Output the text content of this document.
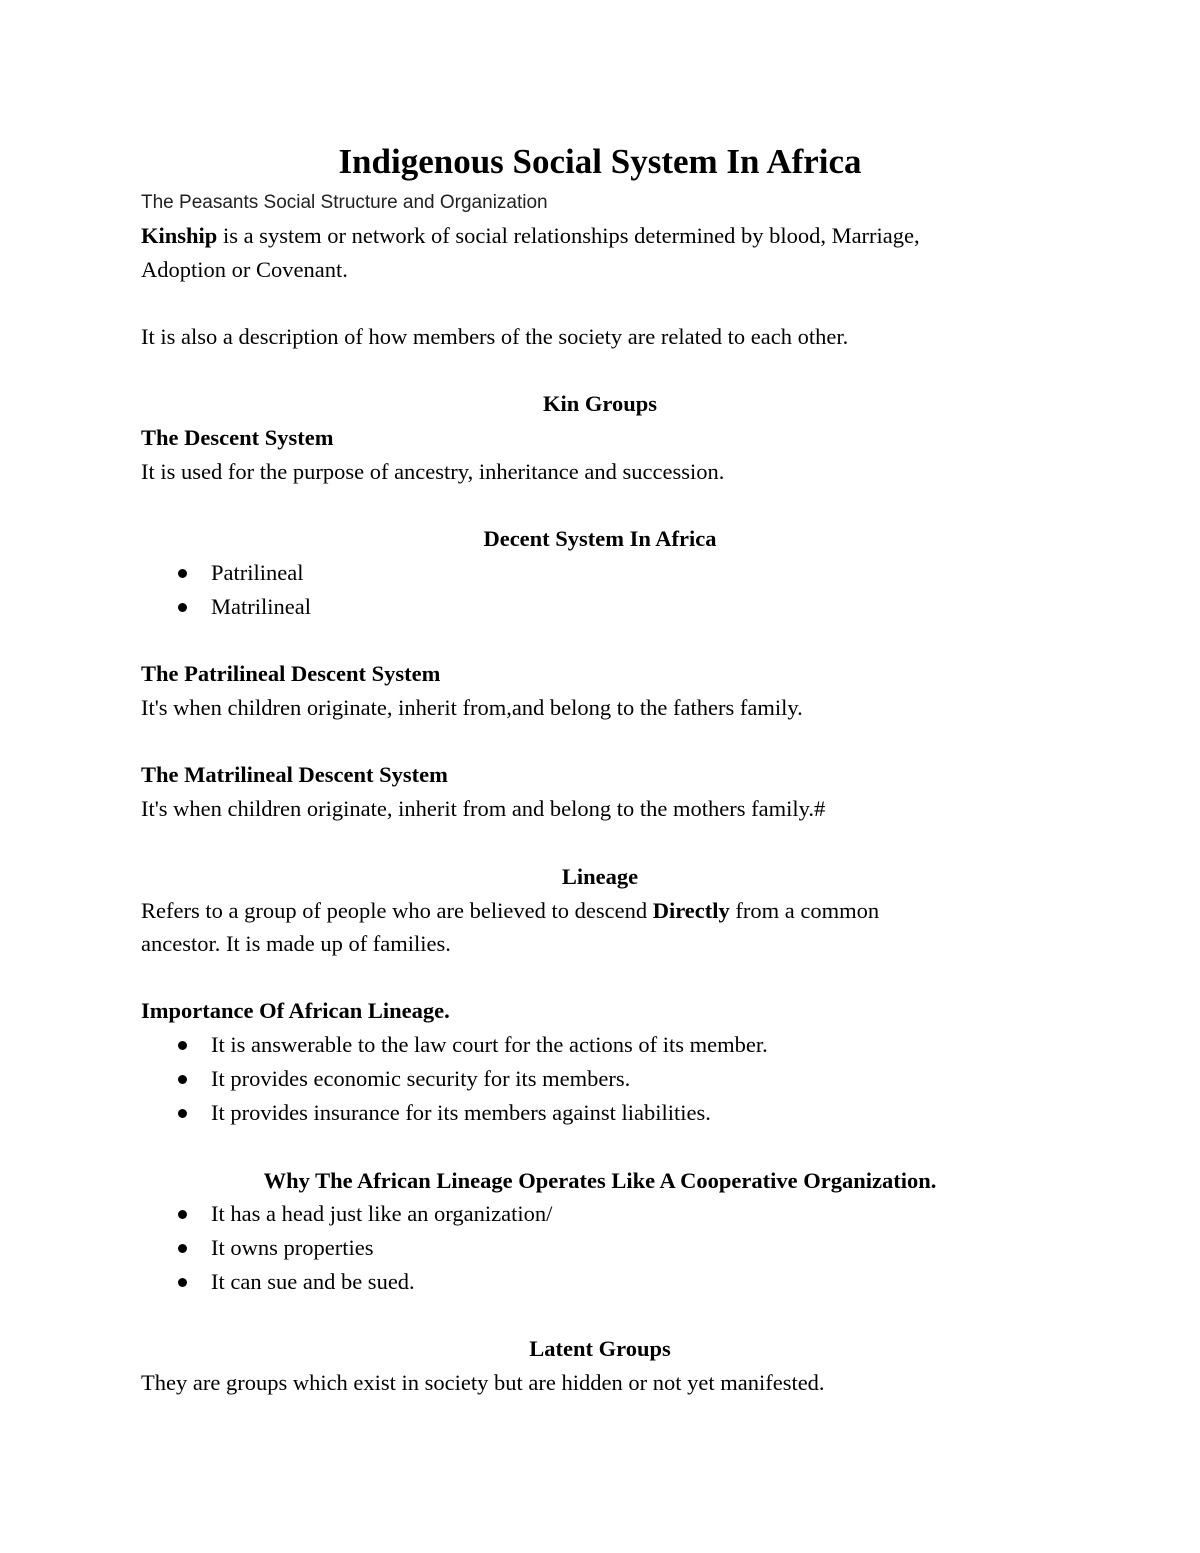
Indigenous Social System In Africa
The Peasants Social Structure and Organization
Kinship is a system or network of social relationships determined by blood, Marriage,
Adoption or Covenant.
It is also a description of how members of the society are related to each other.
Kin Groups
The Descent System
It is used for the purpose of ancestry, inheritance and succession.
Decent System In Africa
Patrilineal
Matrilineal
The Patrilineal Descent System
It's when children originate, inherit from,and belong to the fathers family.
The Matrilineal Descent System
It's when children originate, inherit from and belong to the mothers family.#
Lineage
Refers to a group of people who are believed to descend Directly from a common
ancestor. It is made up of families.
Importance Of African Lineage.
It is answerable to the law court for the actions of its member.
It provides economic security for its members.
It provides insurance for its members against liabilities.
Why The African Lineage Operates Like A Cooperative Organization.
It has a head just like an organization/
It owns properties
It can sue and be sued.
Latent Groups
They are groups which exist in society but are hidden or not yet manifested.
